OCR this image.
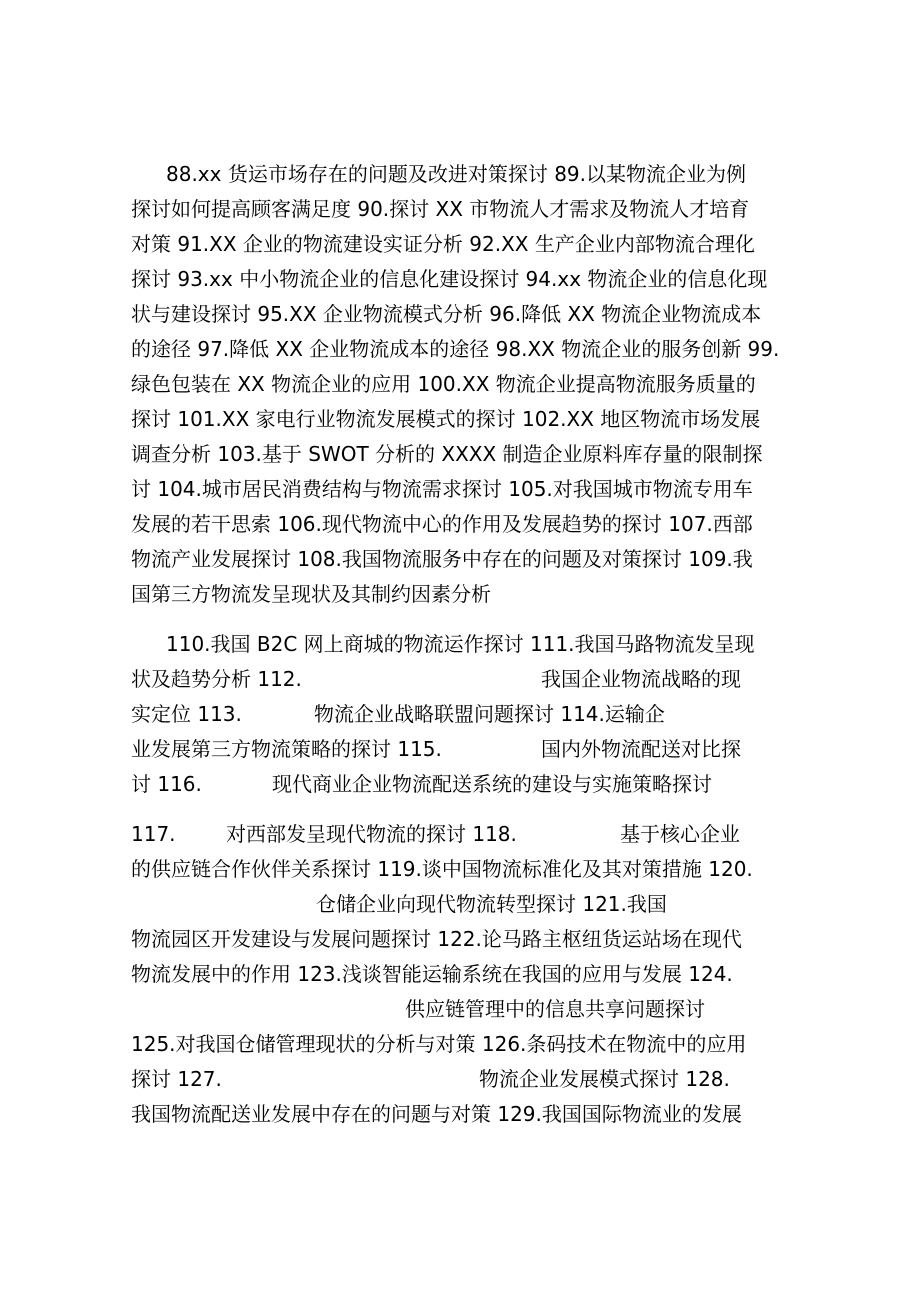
88.xx 货运市场存在的问题及改进对策探讨 89.以某物流企业为例
探讨如何提高顾客满足度 90.探讨 XX 市物流人才需求及物流人才培育
对策 91.XX 企业的物流建设实证分析 92.XX 生产企业内部物流合理化
探讨 93.xx 中小物流企业的信息化建设探讨 94.xx 物流企业的信息化现
状与建设探讨 95.XX 企业物流模式分析 96.降低 XX 物流企业物流成本
的途径 97.降低 XX 企业物流成本的途径 98.XX 物流企业的服务创新 99.
绿色包装在 XX 物流企业的应用 100.XX 物流企业提高物流服务质量的
探讨 101.XX 家电行业物流发展模式的探讨 102.XX 地区物流市场发展
调查分析 103.基于 SWOT 分析的 XXXX 制造企业原料库存量的限制探
讨 104.城市居民消费结构与物流需求探讨 105.对我国城市物流专用车
发展的若干思索 106.现代物流中心的作用及发展趋势的探讨 107.西部
物流产业发展探讨 108.我国物流服务中存在的问题及对策探讨 109.我
国第三方物流发呈现状及其制约因素分析
110.我国 B2C 网上商城的物流运作探讨 111.我国马路物流发呈现
状及趋势分析 112.	我国企业物流战略的现
实定位 113.	物流企业战略联盟问题探讨 114.运输企
业发展第三方物流策略的探讨 115.	国内外物流配送对比探
讨 116.	现代商业企业物流配送系统的建设与实施策略探讨
117.	对西部发呈现代物流的探讨 118.	基于核心企业
的供应链合作伙伴关系探讨 119.谈中国物流标准化及其对策措施 120.
仓储企业向现代物流转型探讨 121.我国
物流园区开发建设与发展问题探讨 122.论马路主枢纽货运站场在现代
物流发展中的作用 123.浅谈智能运输系统在我国的应用与发展 124.
供应链管理中的信息共享问题探讨
125.对我国仓储管理现状的分析与对策 126.条码技术在物流中的应用
探讨 127.	物流企业发展模式探讨 128.
我国物流配送业发展中存在的问题与对策 129.我国国际物流业的发展
